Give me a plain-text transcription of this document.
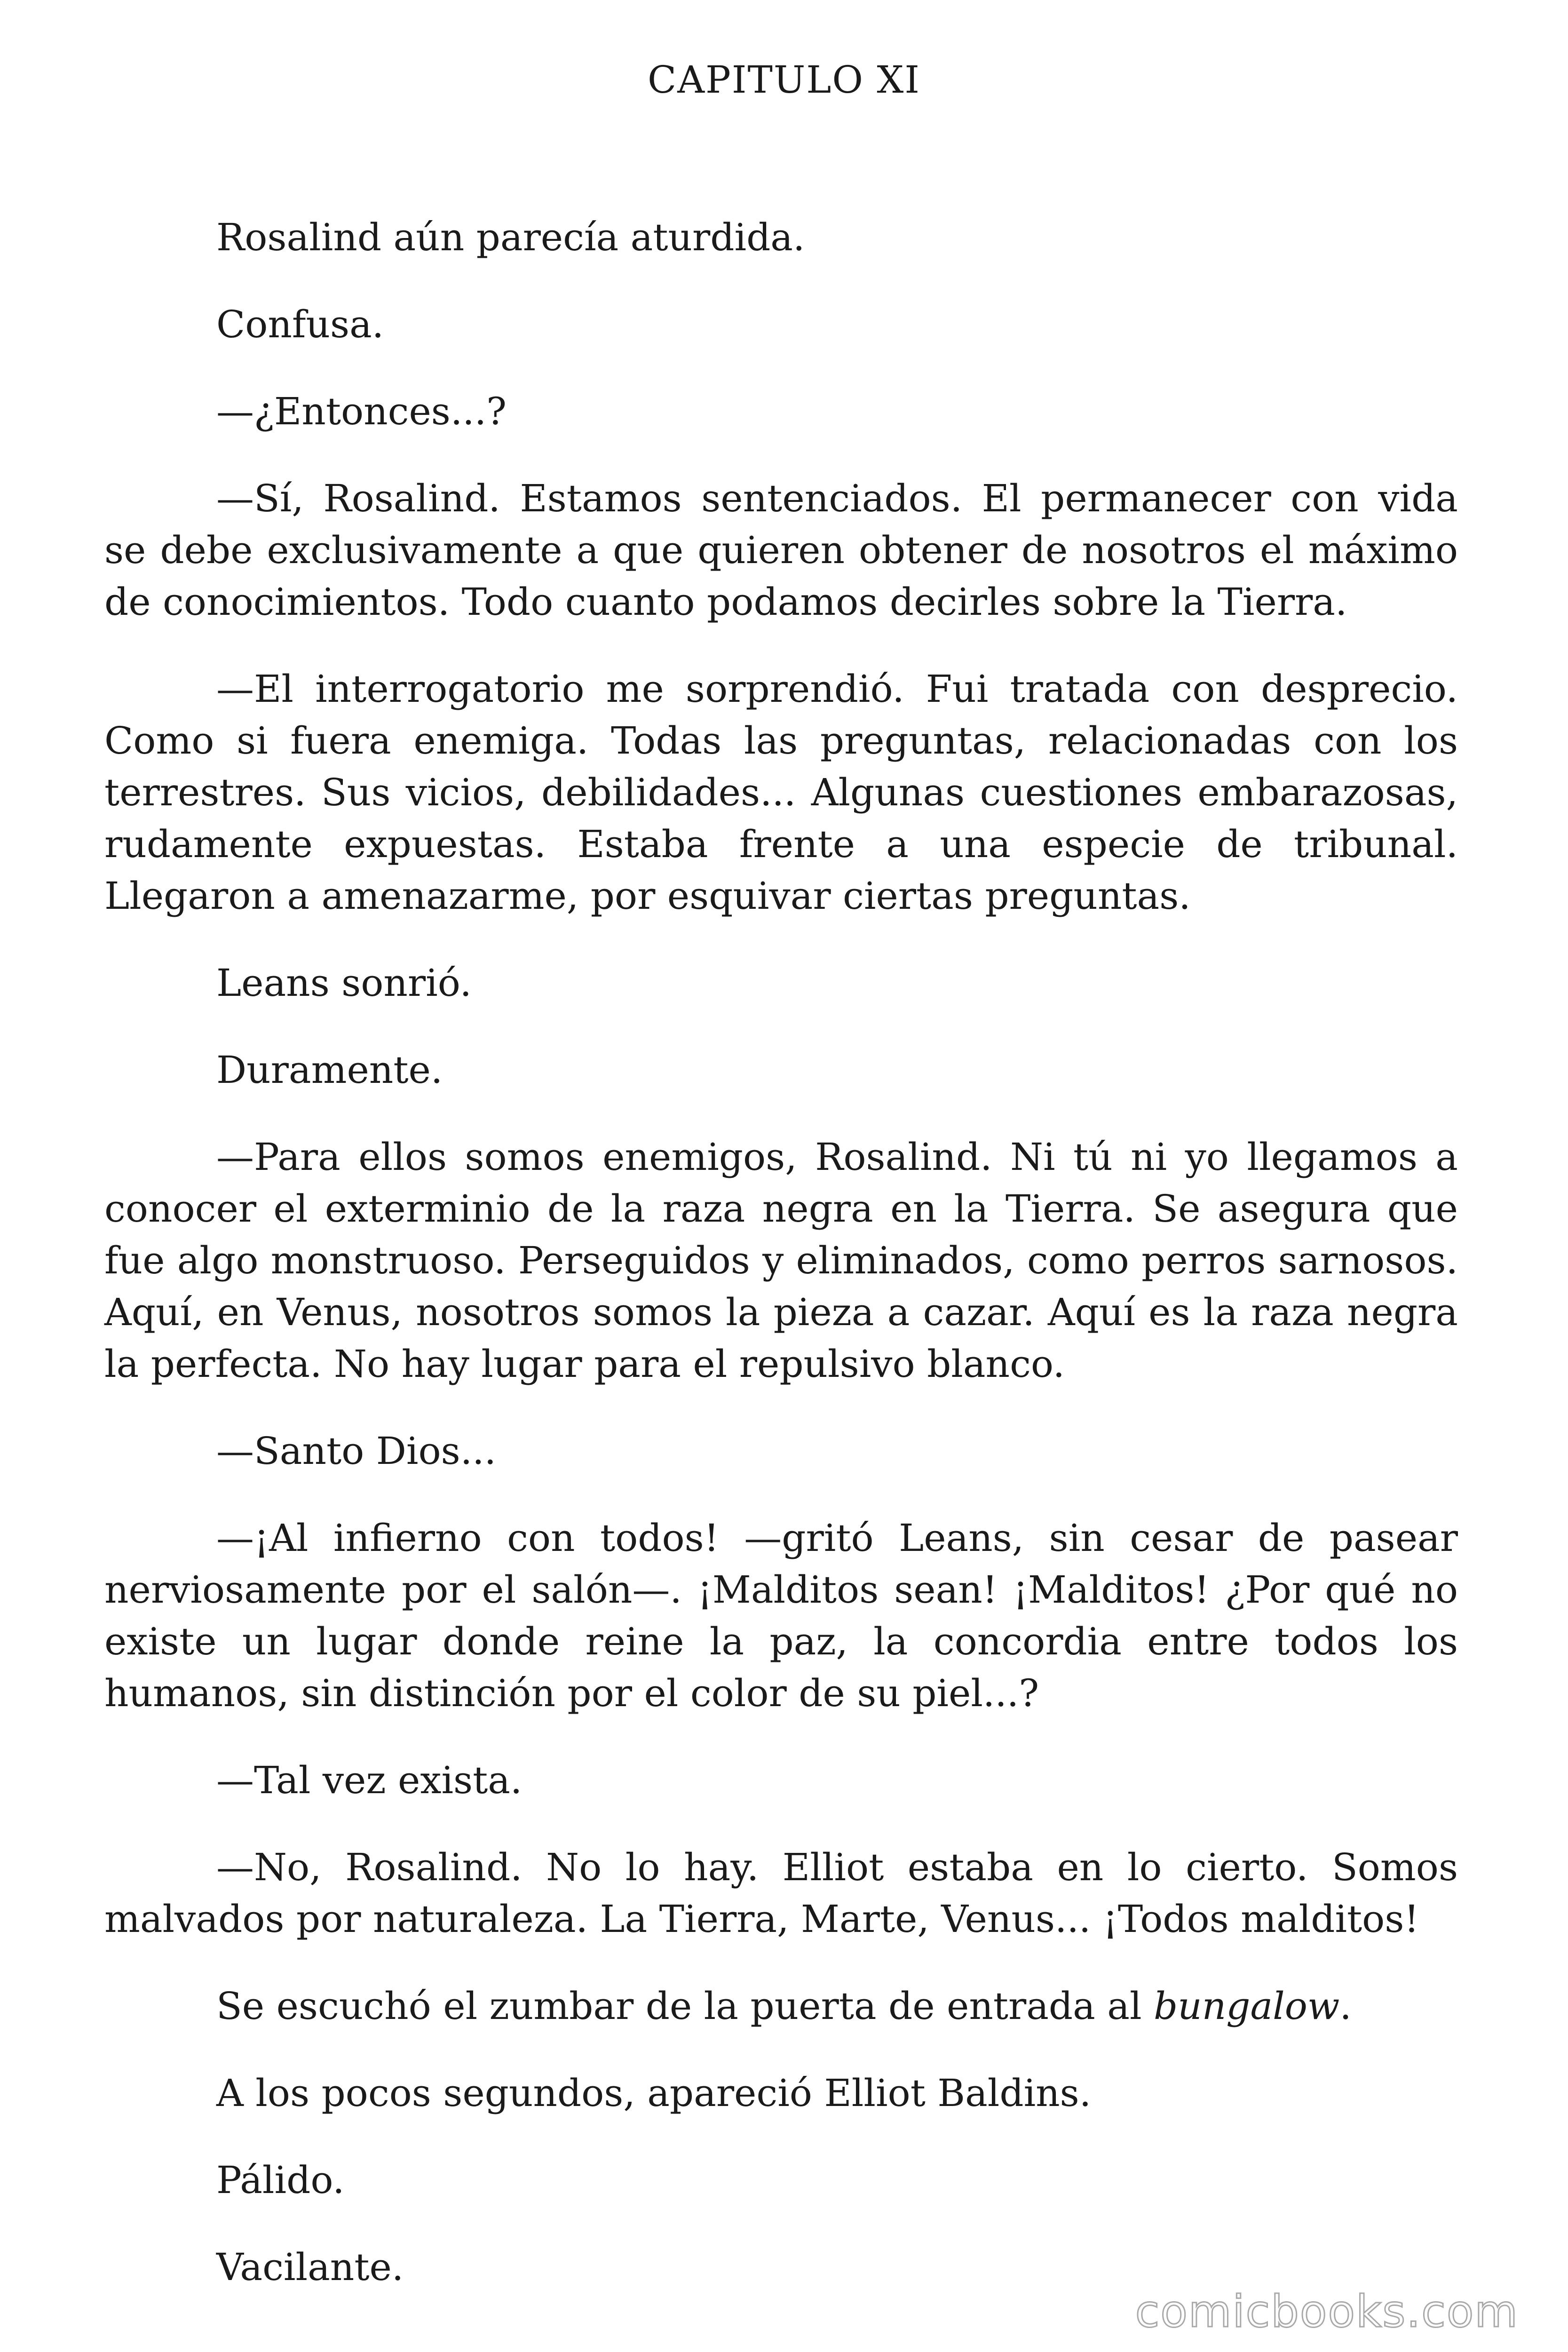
CAPITULO XI

Rosalind aún parecía aturdida.

Confusa.

—¿Entonces...?

—Sí, Rosalind. Estamos sentenciados. El permanecer con vida se debe exclusivamente a que quieren obtener de nosotros el máximo de conocimientos. Todo cuanto podamos decirles sobre la Tierra.

—El interrogatorio me sorprendió. Fui tratada con desprecio. Como si fuera enemiga. Todas las preguntas, relacionadas con los terrestres. Sus vicios, debilidades... Algunas cuestiones embarazosas, rudamente expuestas. Estaba frente a una especie de tribunal. Llegaron a amenazarme, por esquivar ciertas preguntas.

Leans sonrió.

Duramente.

—Para ellos somos enemigos, Rosalind. Ni tú ni yo llegamos a conocer el exterminio de la raza negra en la Tierra. Se asegura que fue algo monstruoso. Perseguidos y eliminados, como perros sarnosos. Aquí, en Venus, nosotros somos la pieza a cazar. Aquí es la raza negra la perfecta. No hay lugar para el repulsivo blanco.

—Santo Dios...

—¡Al infierno con todos! —gritó Leans, sin cesar de pasear nerviosamente por el salón—. ¡Malditos sean! ¡Malditos! ¿Por qué no existe un lugar donde reine la paz, la concordia entre todos los humanos, sin distinción por el color de su piel...?

—Tal vez exista.

—No, Rosalind. No lo hay. Elliot estaba en lo cierto. Somos malvados por naturaleza. La Tierra, Marte, Venus... ¡Todos malditos!

Se escuchó el zumbar de la puerta de entrada al bungalow.

A los pocos segundos, apareció Elliot Baldins.

Pálido.

Vacilante.

comicbooks.com
